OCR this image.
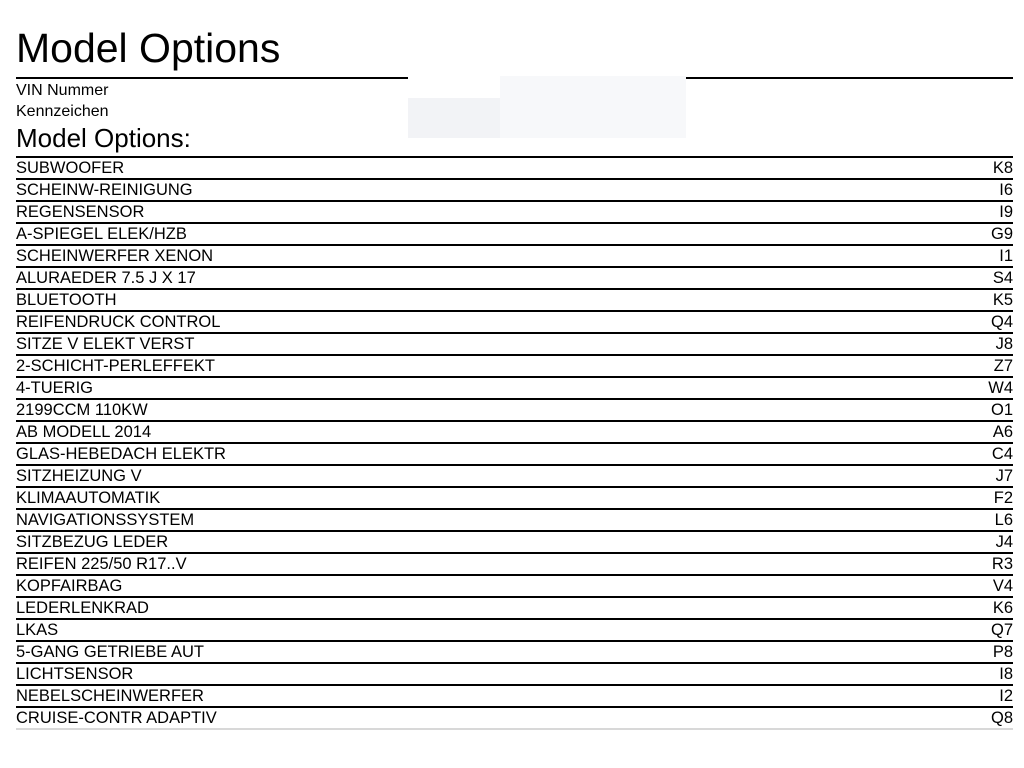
Model Options
VIN Nummer
Kennzeichen
Model Options:
SUBWOOFER	K8
SCHEINW-REINIGUNG	I6
REGENSENSOR	I9
A-SPIEGEL ELEK/HZB	G9
SCHEINWERFER XENON	I1
ALURAEDER 7.5 J X 17	S4
BLUETOOTH	K5
REIFENDRUCK CONTROL	Q4
SITZE V ELEKT VERST	J8
2-SCHICHT-PERLEFFEKT	Z7
4-TUERIG	W4
2199CCM 110KW	O1
AB MODELL 2014	A6
GLAS-HEBEDACH ELEKTR	C4
SITZHEIZUNG V	J7
KLIMAAUTOMATIK	F2
NAVIGATIONSSYSTEM	L6
SITZBEZUG LEDER	J4
REIFEN 225/50 R17..V	R3
KOPFAIRBAG	V4
LEDERLENKRAD	K6
LKAS	Q7
5-GANG GETRIEBE AUT	P8
LICHTSENSOR	I8
NEBELSCHEINWERFER	I2
CRUISE-CONTR ADAPTIV	Q8
